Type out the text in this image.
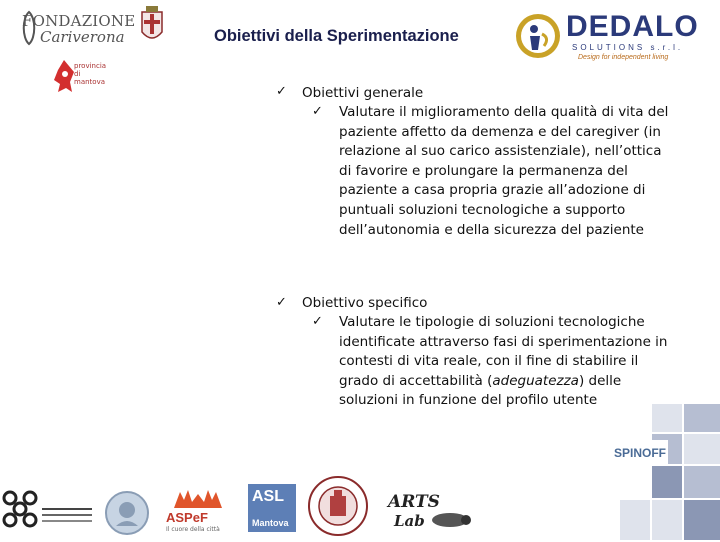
FONDAZIONE
Cariverona	Obiettivi della Sperimentazione
provincia di mantova
DEDALO
SOLUTIONS s.r.l.
Design for independent living
✓ Obiettivi generale
✓ Valutare il miglioramento della qualità di vita del paziente affetto da demenza e del caregiver (in relazione al suo carico assistenziale), nell’ottica di favorire e prolungare la permanenza del paziente a casa propria grazie all’adozione di puntuali soluzioni tecnologiche a supporto dell’autonomia e della sicurezza del paziente
✓ Obiettivo specifico
✓ Valutare le tipologie di soluzioni tecnologiche identificate attraverso fasi di sperimentazione in contesti di vita reale, con il fine di stabilire il grado di accettabilità (adeguatezza) delle soluzioni in funzione del profilo utente
SPINOFF
ASPeF
Il cuore della città
ASL
Mantova
ARTS
Lab
